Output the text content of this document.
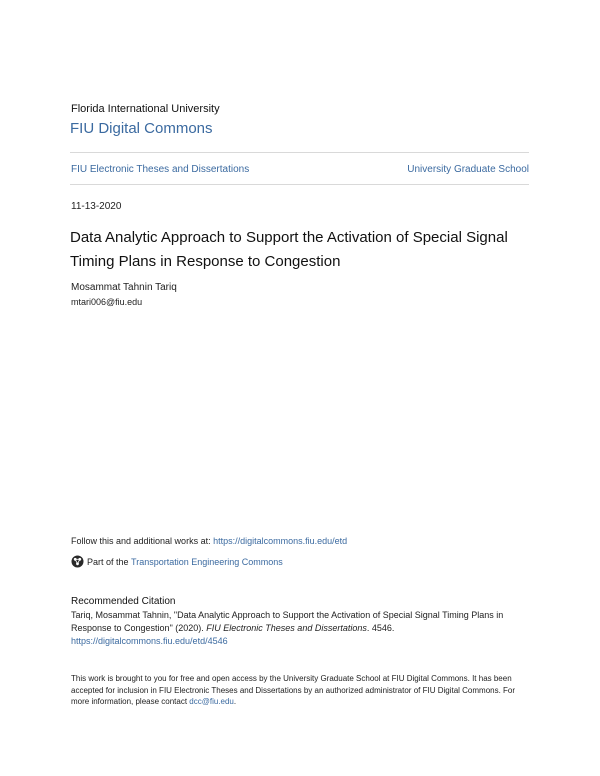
Florida International University
FIU Digital Commons
FIU Electronic Theses and Dissertations	University Graduate School
11-13-2020
Data Analytic Approach to Support the Activation of Special Signal Timing Plans in Response to Congestion
Mosammat Tahnin Tariq
mtari006@fiu.edu
Follow this and additional works at: https://digitalcommons.fiu.edu/etd
Part of the
Transportation Engineering Commons
Recommended Citation
Tariq, Mosammat Tahnin, "Data Analytic Approach to Support the Activation of Special Signal Timing Plans in Response to Congestion" (2020). FIU Electronic Theses and Dissertations. 4546.
https://digitalcommons.fiu.edu/etd/4546
This work is brought to you for free and open access by the University Graduate School at FIU Digital Commons. It has been accepted for inclusion in FIU Electronic Theses and Dissertations by an authorized administrator of FIU Digital Commons. For more information, please contact dcc@fiu.edu.
